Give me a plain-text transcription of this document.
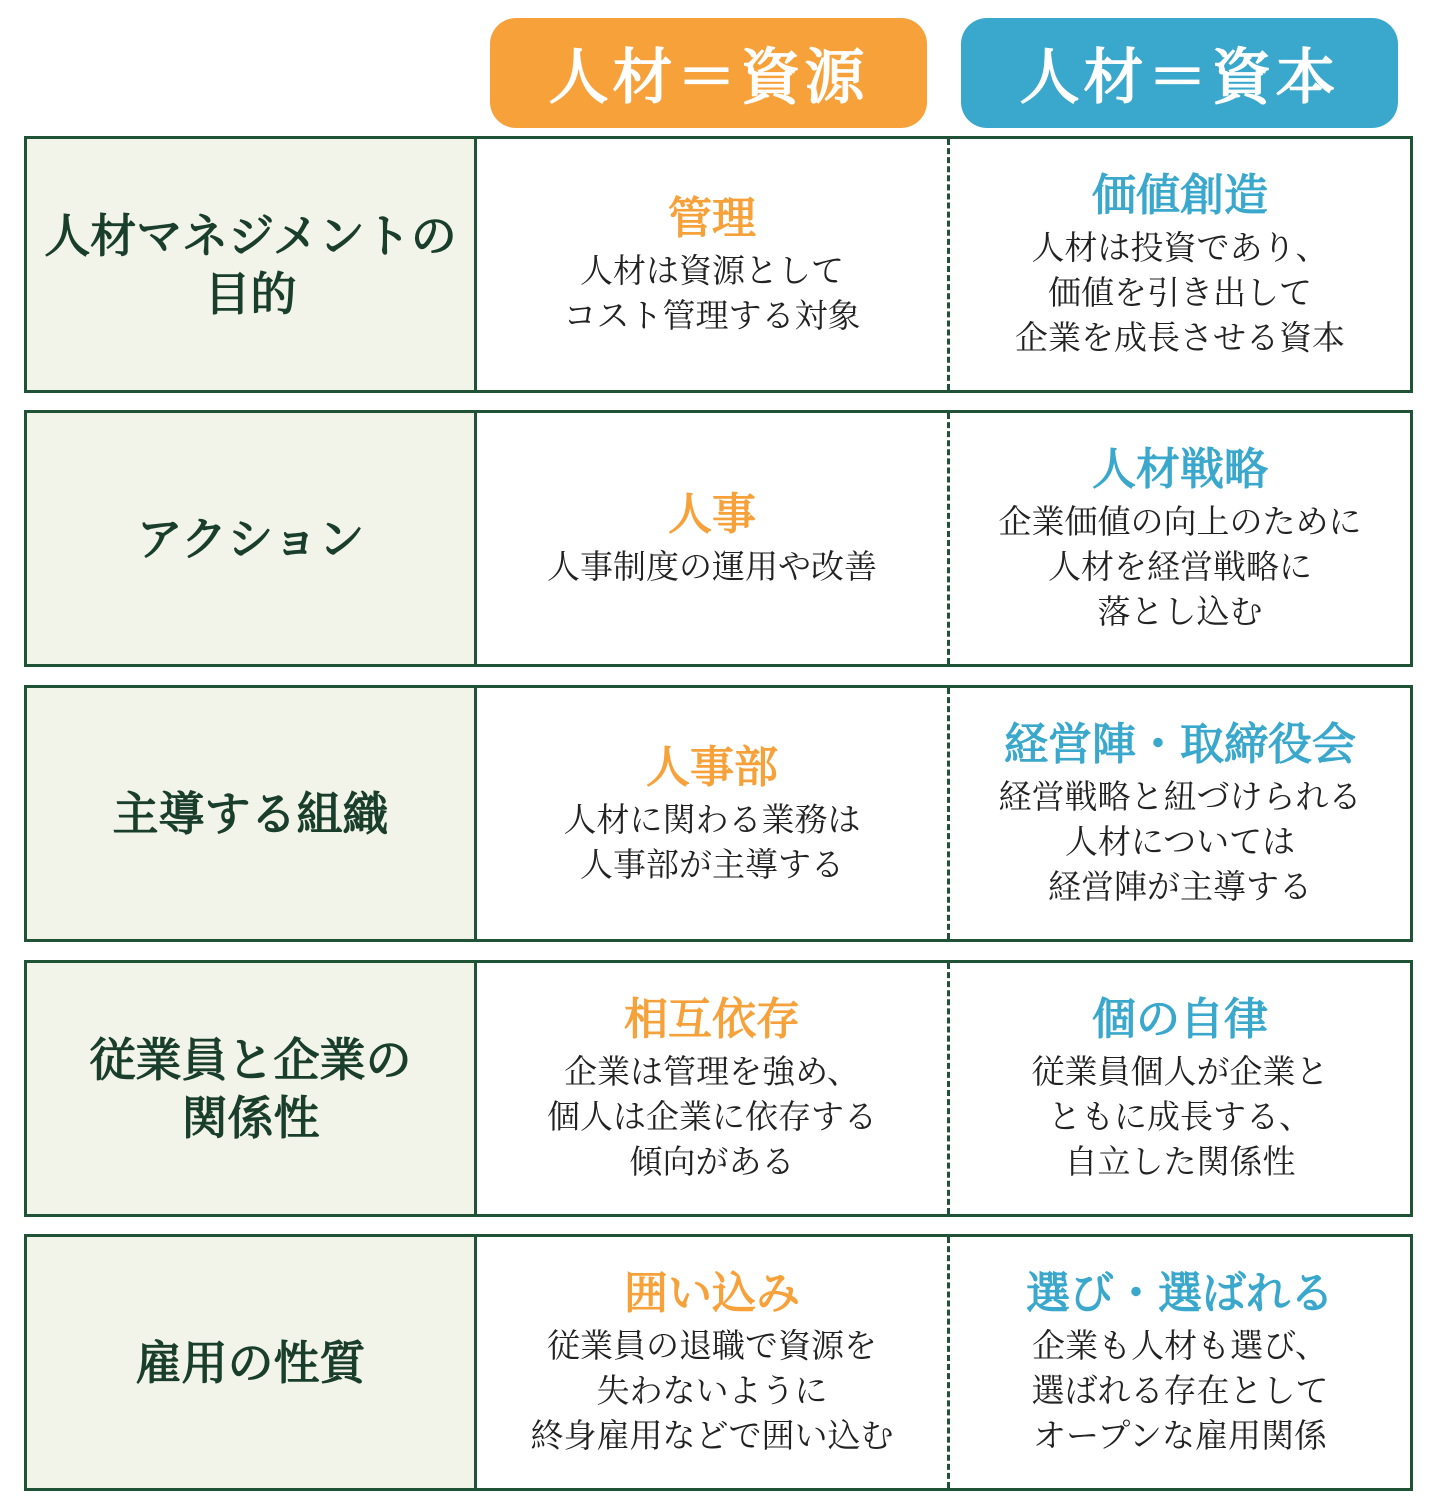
人材＝資源	人材＝資本
人材マネジメントの
目的
管理
人材は資源として
コスト管理する対象
価値創造
人材は投資であり、
価値を引き出して
企業を成長させる資本
アクション	人事
人事制度の運用や改善
人材戦略
企業価値の向上のために
人材を経営戦略に
落とし込む
主導する組織
人事部
人材に関わる業務は
人事部が主導する
経営陣・取締役会
経営戦略と紐づけられる
人材については
経営陣が主導する
従業員と企業の
関係性
相互依存
企業は管理を強め、
個人は企業に依存する
傾向がある
個の自律
従業員個人が企業と
ともに成長する、
自立した関係性
雇用の性質
囲い込み
従業員の退職で資源を
失わないように
終身雇用などで囲い込む
選び・選ばれる
企業も人材も選び、
選ばれる存在として
オープンな雇用関係
